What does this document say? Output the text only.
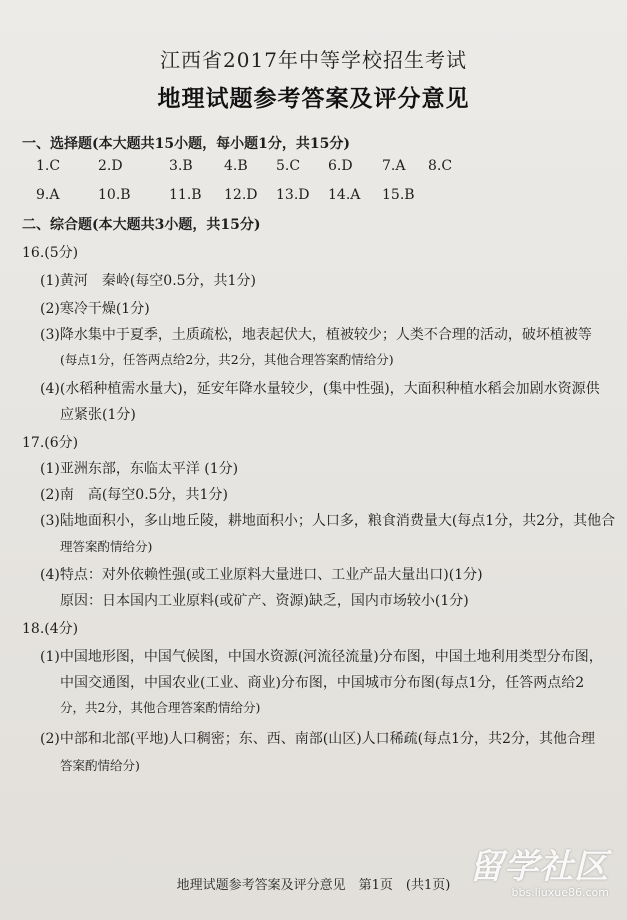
江西省2017年中等学校招生考试
地理试题参考答案及评分意见
一、选择题(本大题共15小题，每小题1分，共15分)
1.C	2.D	3.B 4.B 5.C 6.D 7.A 8.C
9.A	10.B	11.B 12.D 13.D 14.A 15.B
二、综合题(本大题共3小题，共15分)
16.(5分)
(1)黄河　秦岭(每空0.5分，共1分)
(2)寒冷干燥(1分)
(3)降水集中于夏季，土质疏松，地表起伏大，植被较少；人类不合理的活动，破坏植被等
(每点1分，任答两点给2分，共2分，其他合理答案酌情给分)
(4)(水稻种植需水量大)，延安年降水量较少，(集中性强)，大面积种植水稻会加剧水资源供
应紧张(1分)
17.(6分)
(1)亚洲东部，东临太平洋 (1分)
(2)南　高(每空0.5分，共1分)
(3)陆地面积小，多山地丘陵，耕地面积小；人口多，粮食消费量大(每点1分，共2分，其他合
理答案酌情给分)
(4)特点：对外依赖性强(或工业原料大量进口、工业产品大量出口)(1分)
原因：日本国内工业原料(或矿产、资源)缺乏，国内市场较小(1分)
18.(4分)
(1)中国地形图，中国气候图，中国水资源(河流径流量)分布图，中国土地利用类型分布图，
中国交通图，中国农业(工业、商业)分布图，中国城市分布图(每点1分，任答两点给2
分，共2分，其他合理答案酌情给分)
(2)中部和北部(平地)人口稠密；东、西、南部(山区)人口稀疏(每点1分，共2分，其他合理
答案酌情给分)
地理试题参考答案及评分意见　第1页　(共1页) 留学社区
bbs.liuxue86.com
